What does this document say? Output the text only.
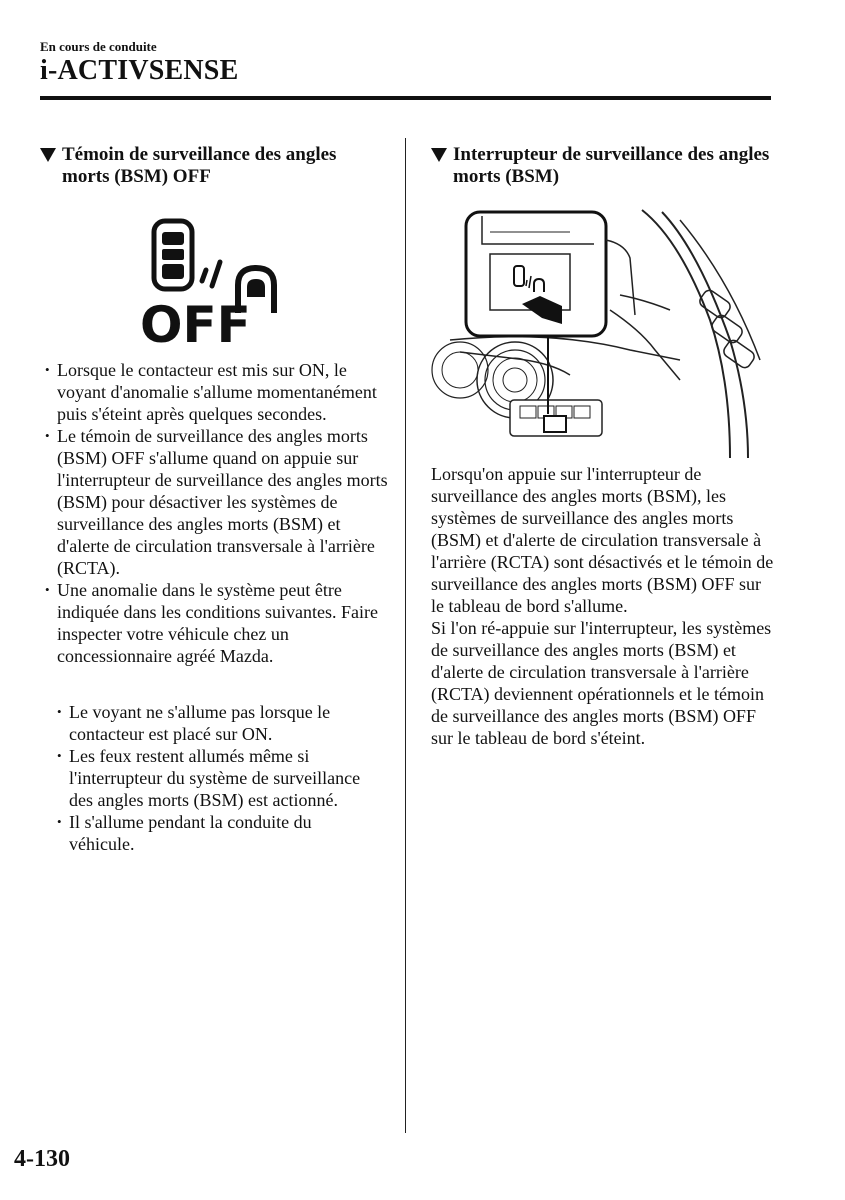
En cours de conduite
i-ACTIVSENSE
Témoin de surveillance des angles morts (BSM) OFF
OFF
• Lorsque le contacteur est mis sur ON, le voyant d'anomalie s'allume momentanément puis s'éteint après quelques secondes.
• Le témoin de surveillance des angles morts (BSM) OFF s'allume quand on appuie sur l'interrupteur de surveillance des angles morts (BSM) pour désactiver les systèmes de surveillance des angles morts (BSM) et d'alerte de circulation transversale à l'arrière (RCTA).
• Une anomalie dans le système peut être indiquée dans les conditions suivantes. Faire inspecter votre véhicule chez un concessionnaire agréé Mazda.
• Le voyant ne s'allume pas lorsque le contacteur est placé sur ON.
• Les feux restent allumés même si l'interrupteur du système de surveillance des angles morts (BSM) est actionné.
• Il s'allume pendant la conduite du véhicule.
Interrupteur de surveillance des angles morts (BSM)

Lorsqu'on appuie sur l'interrupteur de surveillance des angles morts (BSM), les systèmes de surveillance des angles morts (BSM) et d'alerte de circulation transversale à l'arrière (RCTA) sont désactivés et le témoin de surveillance des angles morts (BSM) OFF sur le tableau de bord s'allume.

Si l'on ré-appuie sur l'interrupteur, les systèmes de surveillance des angles morts (BSM) et d'alerte de circulation transversale à l'arrière (RCTA) deviennent opérationnels et le témoin de surveillance des angles morts (BSM) OFF sur le tableau de bord s'éteint.

4-130
